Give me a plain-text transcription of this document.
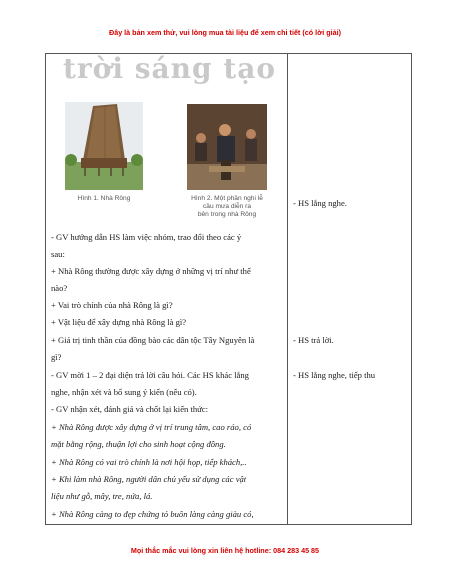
Đây là bản xem thử, vui lòng mua tài liệu để xem chi tiết (có lời giải)
trời sáng tạo
Hình 1. Nhà Rông	Hình 2. Một phần nghi lễ
cầu mưa diễn ra
bên trong nhà Rông
- GV hướng dẫn HS làm việc nhóm, trao đổi theo các ý
sau:
+ Nhà Rông thường được xây dựng ở những vị trí như thế
nào?
+ Vai trò chính của nhà Rông là gì?
+ Vật liệu để xây dựng nhà Rông là gì?
+ Giá trị tinh thần của đồng bào các dân tộc Tây Nguyên là
gì?
- GV mời 1 – 2 đại diện trả lời câu hỏi. Các HS khác lắng
nghe, nhận xét và bổ sung ý kiến (nếu có).
- GV nhận xét, đánh giá và chốt lại kiến thức:
+ Nhà Rông được xây dựng ở vị trí trung tâm, cao ráo, có
mặt bằng rộng, thuận lợi cho sinh hoạt cộng đồng.
+ Nhà Rông có vai trò chính là nơi hội họp, tiếp khách,..
+ Khi làm nhà Rông, người dân chủ yếu sử dụng các vật
liệu như gỗ, mây, tre, nứa, lá.
+ Nhà Rông càng to đẹp chứng tỏ buôn làng càng giàu có,
- HS lắng nghe.
- HS trả lời.
- HS lắng nghe, tiếp thu
Mọi thắc mắc vui lòng xin liên hệ hotline: 084 283 45 85
